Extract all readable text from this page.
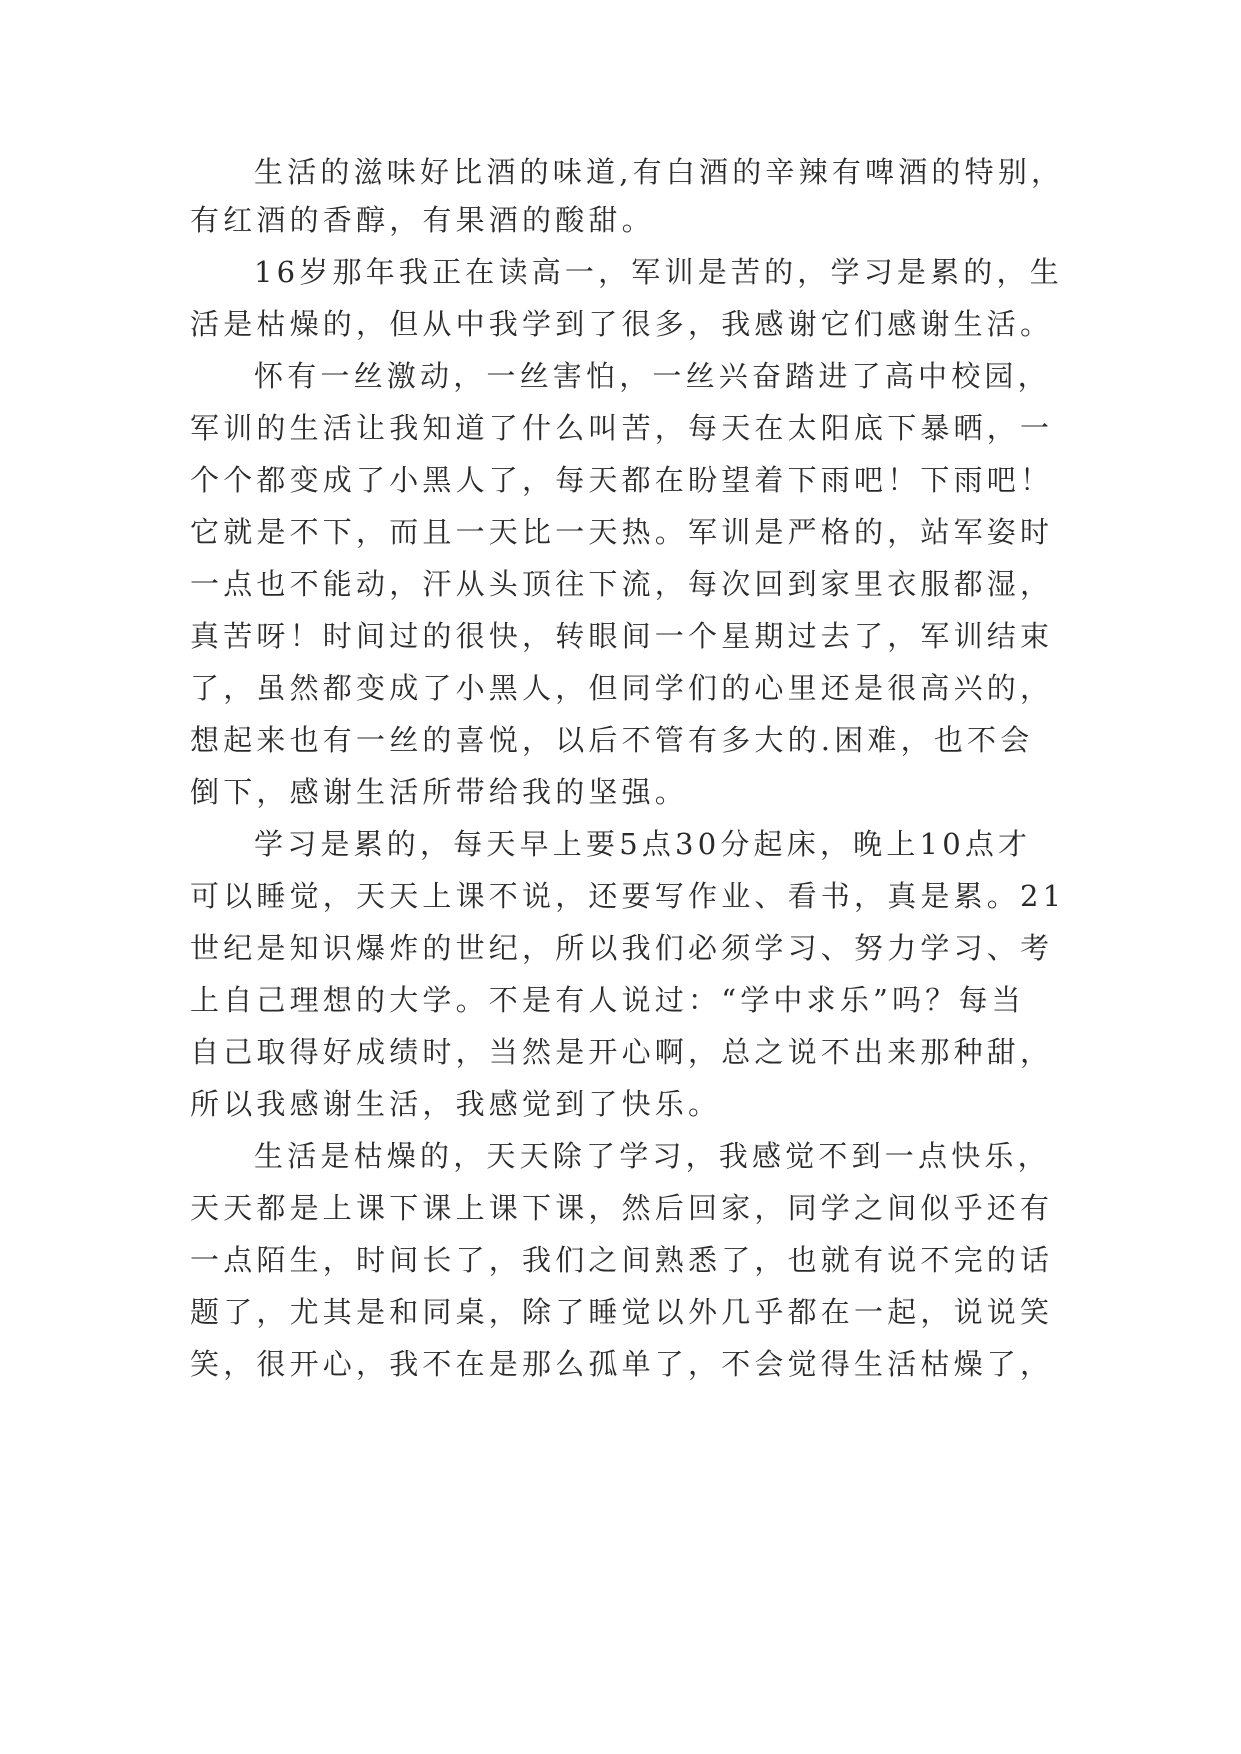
生活的滋味好比酒的味道,有白酒的辛辣有啤酒的特别，
有红酒的香醇，有果酒的酸甜。
16岁那年我正在读高一，军训是苦的，学习是累的，生
活是枯燥的，但从中我学到了很多，我感谢它们感谢生活。
怀有一丝激动，一丝害怕，一丝兴奋踏进了高中校园，
军训的生活让我知道了什么叫苦，每天在太阳底下暴晒，一
个个都变成了小黑人了，每天都在盼望着下雨吧！下雨吧！
它就是不下，而且一天比一天热。军训是严格的，站军姿时
一点也不能动，汗从头顶往下流，每次回到家里衣服都湿，
真苦呀！时间过的很快，转眼间一个星期过去了，军训结束
了，虽然都变成了小黑人，但同学们的心里还是很高兴的，
想起来也有一丝的喜悦，以后不管有多大的.困难，也不会
倒下，感谢生活所带给我的坚强。
学习是累的，每天早上要5点30分起床，晚上10点才
可以睡觉，天天上课不说，还要写作业、看书，真是累。21
世纪是知识爆炸的世纪，所以我们必须学习、努力学习、考
上自己理想的大学。不是有人说过：“学中求乐”吗？每当
自己取得好成绩时，当然是开心啊，总之说不出来那种甜，
所以我感谢生活，我感觉到了快乐。
生活是枯燥的，天天除了学习，我感觉不到一点快乐，
天天都是上课下课上课下课，然后回家，同学之间似乎还有
一点陌生，时间长了，我们之间熟悉了，也就有说不完的话
题了，尤其是和同桌，除了睡觉以外几乎都在一起，说说笑
笑，很开心，我不在是那么孤单了，不会觉得生活枯燥了，
